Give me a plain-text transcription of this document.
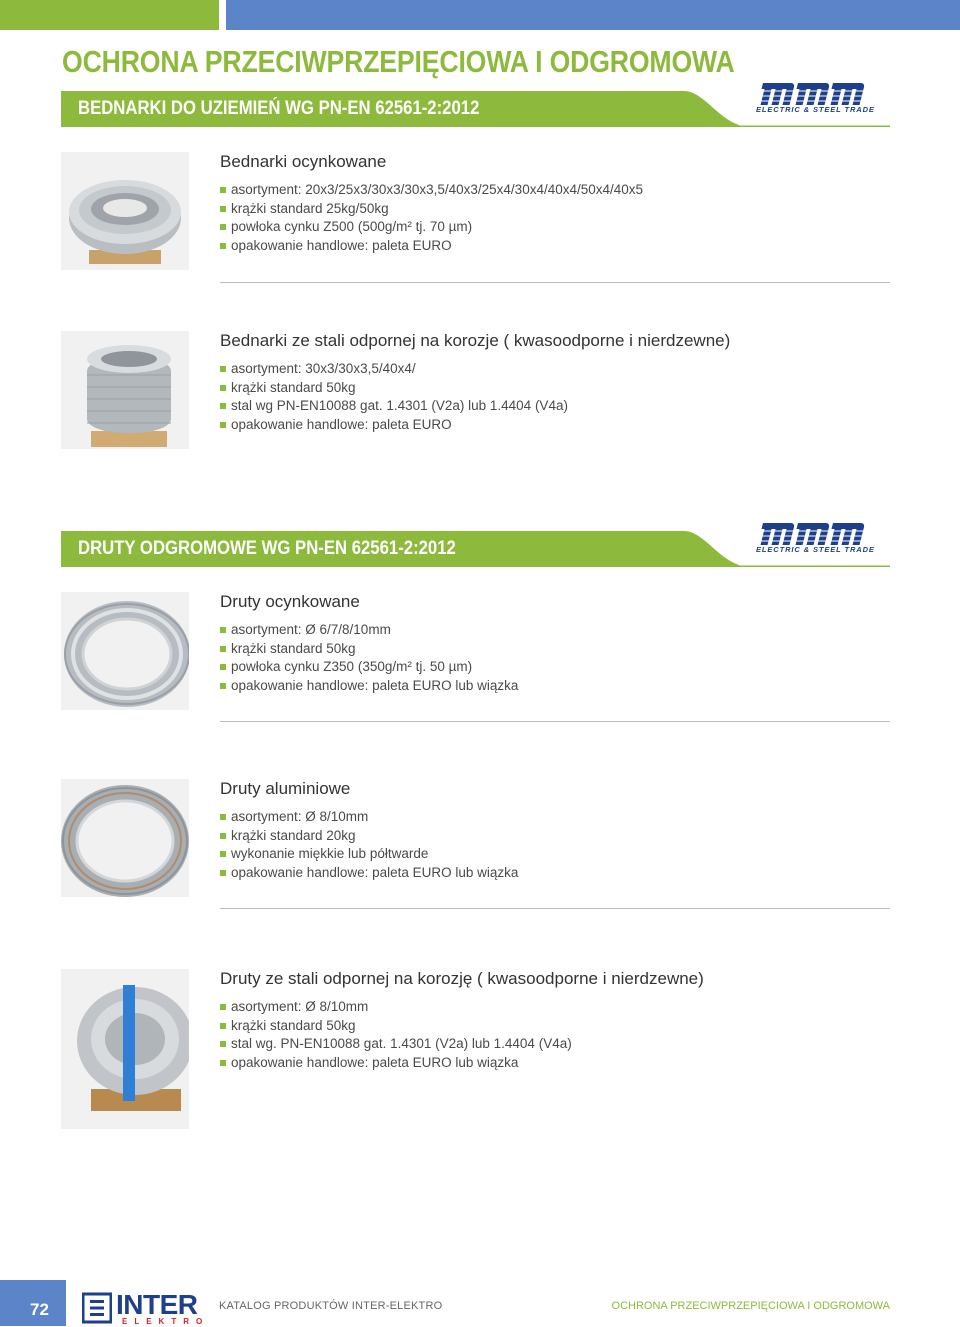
OCHRONA PRZECIWPRZEPIĘCIOWA I ODGROMOWA
BEDNARKI DO UZIEMIEŃ WG PN-EN 62561-2:2012	ELECTRIC & STEEL TRADE
Bednarki ocynkowane
asortyment: 20x3/25x3/30x3/30x3,5/40x3/25x4/30x4/40x4/50x4/40x5
krążki standard 25kg/50kg
powłoka cynku Z500 (500g/m² tj. 70 µm)
opakowanie handlowe: paleta EURO
Bednarki ze stali odpornej na korozje ( kwasoodporne i nierdzewne)
asortyment: 30x3/30x3,5/40x4/
krążki standard 50kg
stal wg PN-EN10088 gat. 1.4301 (V2a) lub 1.4404 (V4a)
opakowanie handlowe: paleta EURO
DRUTY ODGROMOWE WG PN-EN 62561-2:2012	ELECTRIC & STEEL TRADE
Druty ocynkowane
asortyment: Ø 6/7/8/10mm
krążki standard 50kg
powłoka cynku Z350 (350g/m² tj. 50 µm)
opakowanie handlowe: paleta EURO lub wiązka
Druty aluminiowe
asortyment: Ø 8/10mm
krążki standard 20kg
wykonanie miękkie lub półtwarde
opakowanie handlowe: paleta EURO lub wiązka
Druty ze stali odpornej na korozję ( kwasoodporne i nierdzewne)
asortyment: Ø 8/10mm
krążki standard 50kg
stal wg. PN-EN10088 gat. 1.4301 (V2a) lub 1.4404 (V4a)
opakowanie handlowe: paleta EURO lub wiązka
72 INTER
ELEKTRO
KATALOG PRODUKTÓW INTER-ELEKTRO	OCHRONA PRZECIWPRZEPIĘCIOWA I ODGROMOWA
